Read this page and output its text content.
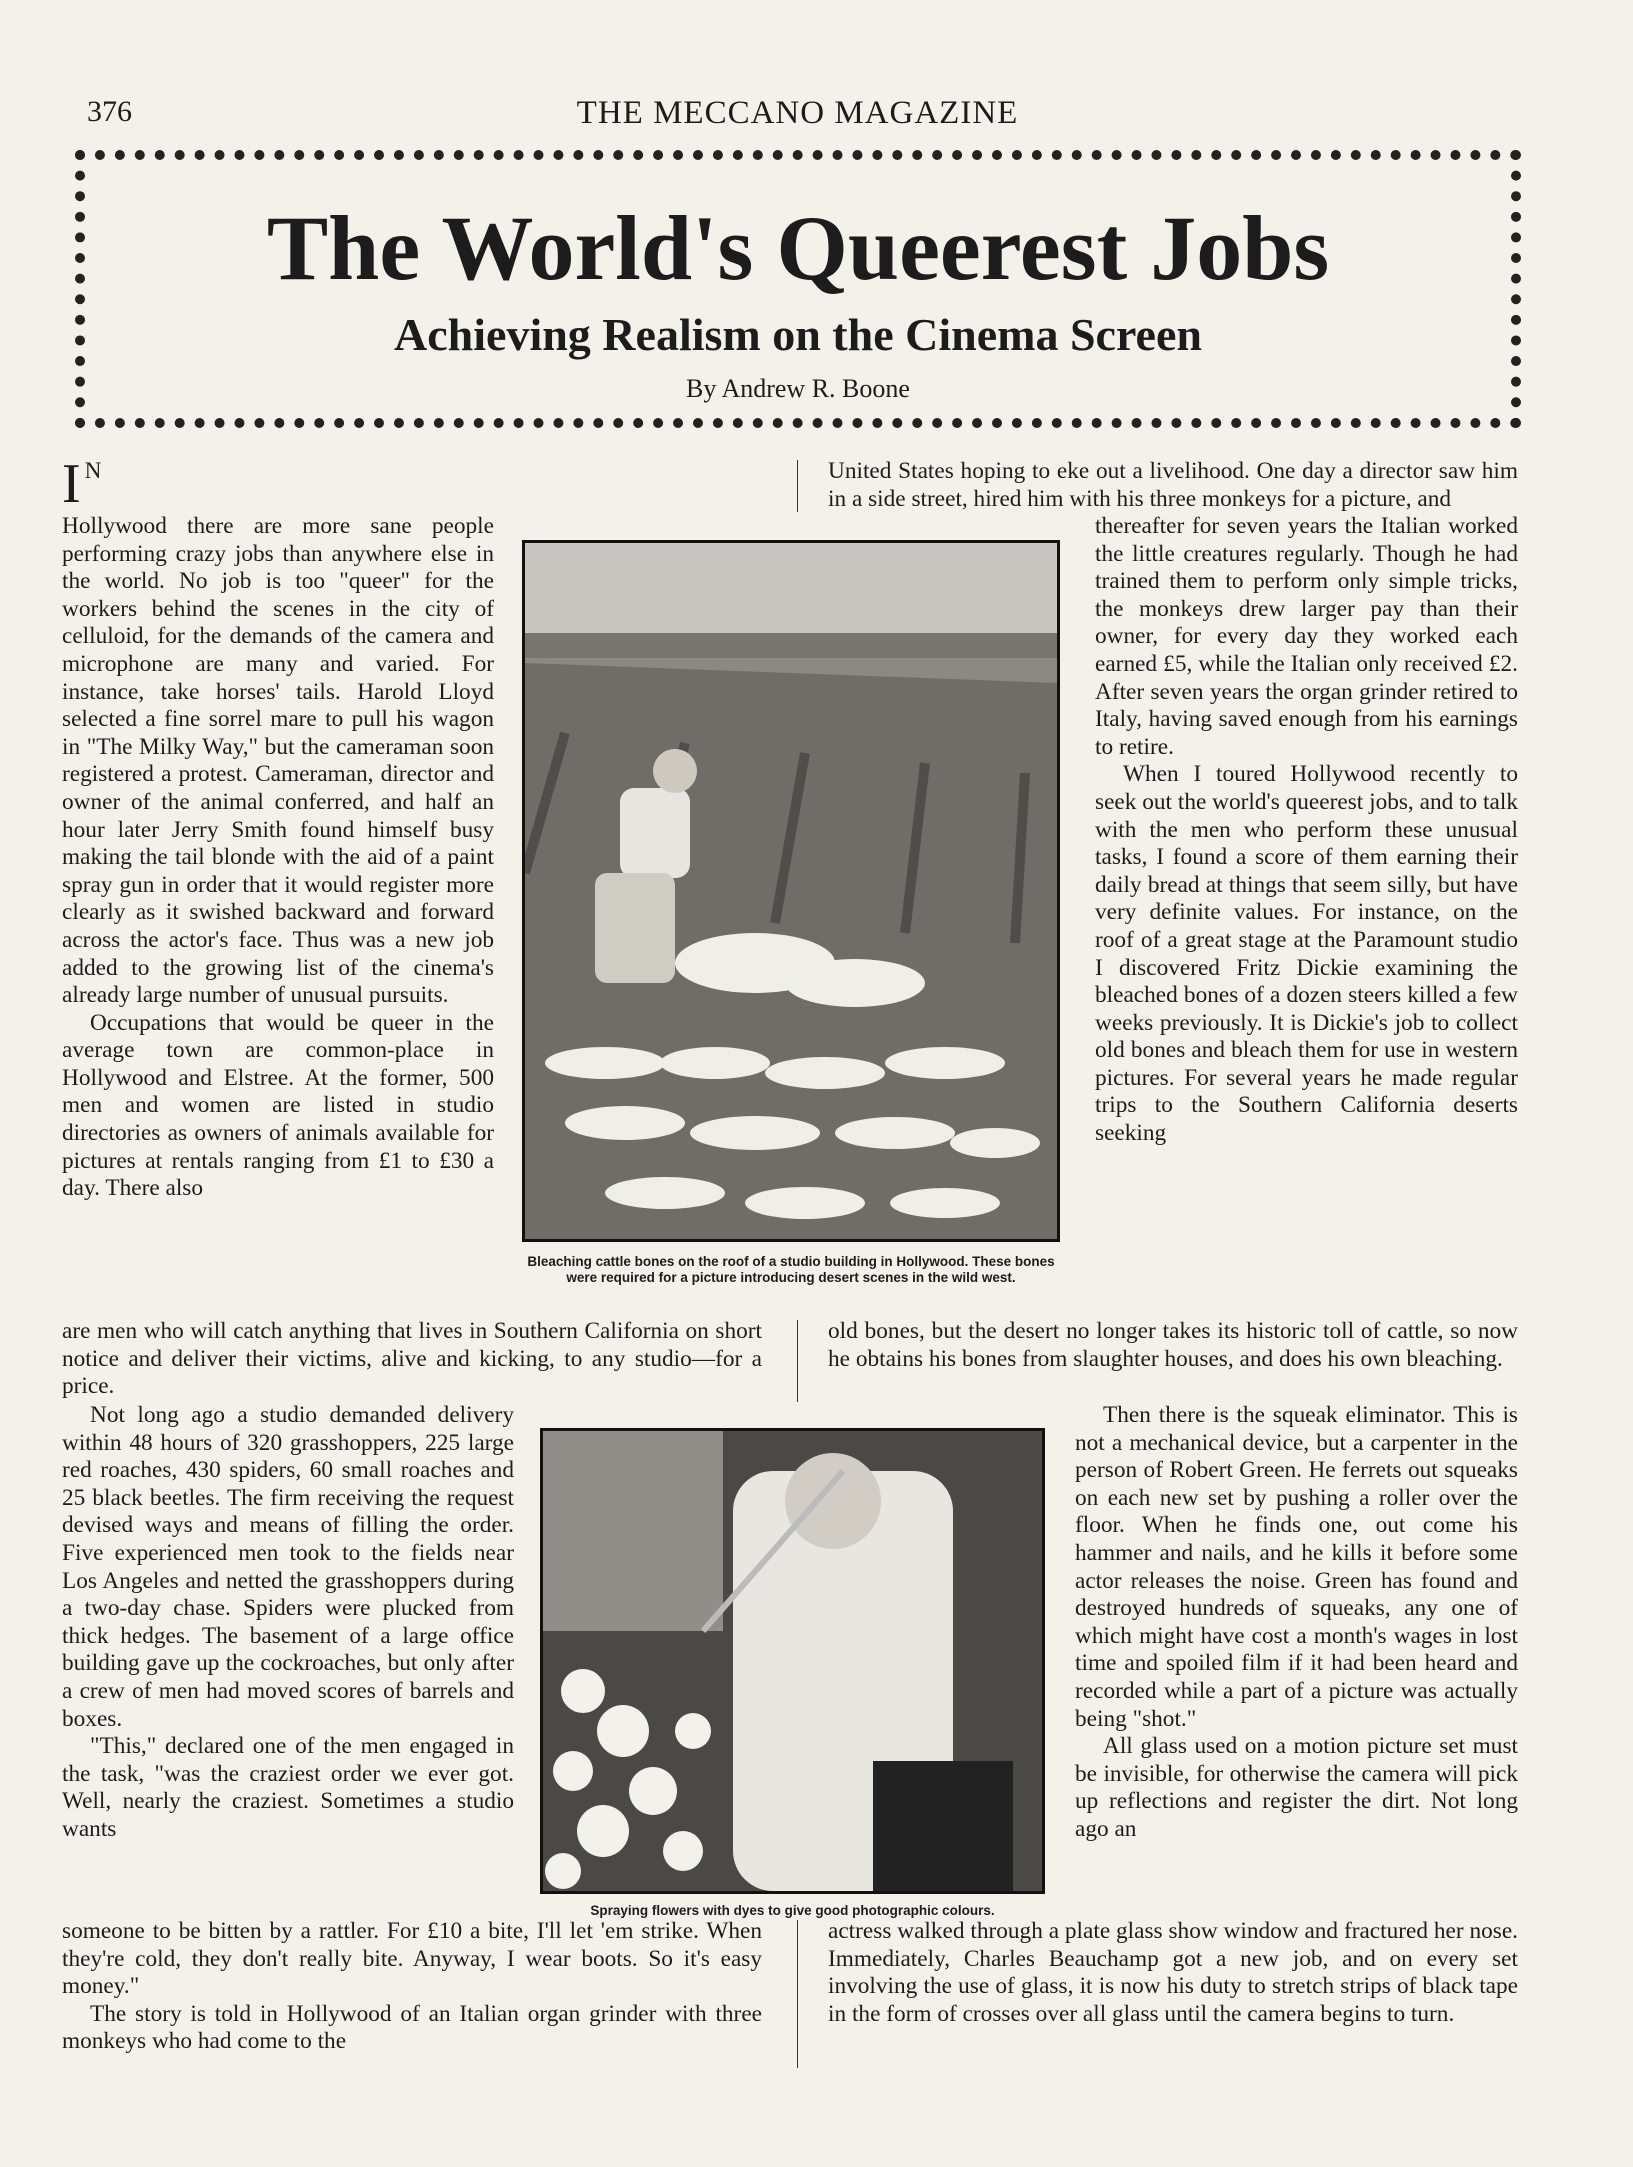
376	THE MECCANO MAGAZINE
The World's Queerest Jobs
Achieving Realism on the Cinema Screen
By Andrew R. Boone

I N

are men who will catch anything that lives in Southern California on short notice and deliver their victims, alive and kicking, to any studio—for a price.

Not long ago a studio demanded delivery within 48 hours of 320 grasshoppers, 225 large red roaches, 430 spiders, 60 small roaches and 25 black beetles. The firm receiving the request devised ways and means of filling the order. Five experienced men took to the fields near Los Angeles and netted the grasshoppers during a two-day chase. Spiders were plucked from thick hedges. The basement of a large office building gave up the cockroaches, but only after a crew of men had moved scores of barrels and boxes.

"This," declared one of the men engaged in the task, "was the craziest order we ever got. Well, nearly the craziest. Sometimes a studio wants

someone to be bitten by a rattler. For £10 a bite, I'll let 'em strike. When they're cold, they don't really bite. Anyway, I wear boots. So it's easy money."

The story is told in Hollywood of an Italian organ grinder with three monkeys who had come to the

United States hoping to eke out a livelihood. One day a director saw him in a side street, hired him with his three monkeys for a picture, and

old bones, but the desert no longer takes its historic toll of cattle, so now he obtains his bones from slaughter houses, and does his own bleaching.

Then there is the squeak eliminator. This is not a mechanical device, but a carpenter in the person of Robert Green. He ferrets out squeaks on each new set by pushing a roller over the floor. When he finds one, out come his hammer and nails, and he kills it before some actor releases the noise. Green has found and destroyed hundreds of squeaks, any one of which might have cost a month's wages in lost time and spoiled film if it had been heard and recorded while a part of a picture was actually being "shot."

All glass used on a motion picture set must be invisible, for otherwise the camera will pick up reflections and register the dirt. Not long ago an

actress walked through a plate glass show window and fractured her nose. Immediately, Charles Beauchamp got a new job, and on every set involving the use of glass, it is now his duty to stretch strips of black tape in the form of crosses over all glass until the camera begins to turn.

Hollywood there are more sane people performing crazy jobs than anywhere else in the world. No job is too "queer" for the workers behind the scenes in the city of celluloid, for the demands of the camera and microphone are many and varied. For instance, take horses' tails. Harold Lloyd selected a fine sorrel mare to pull his wagon in "The Milky Way," but the cameraman soon registered a protest. Cameraman, director and owner of the animal conferred, and half an hour later Jerry Smith found himself busy making the tail blonde with the aid of a paint spray gun in order that it would register more clearly as it swished backward and forward across the actor's face. Thus was a new job added to the growing list of the cinema's already large number of unusual pursuits.

Occupations that would be queer in the average town are common-place in Hollywood and Elstree. At the former, 500 men and women are listed in studio directories as owners of animals available for pictures at rentals ranging from £1 to £30 a day. There also

thereafter for seven years the Italian worked the little creatures regularly. Though he had trained them to perform only simple tricks, the monkeys drew larger pay than their owner, for every day they worked each earned £5, while the Italian only received £2. After seven years the organ grinder retired to Italy, having saved enough from his earnings to retire.

When I toured Hollywood recently to seek out the world's queerest jobs, and to talk with the men who perform these unusual tasks, I found a score of them earning their daily bread at things that seem silly, but have very definite values. For instance, on the roof of a great stage at the Paramount studio I discovered Fritz Dickie examining the bleached bones of a dozen steers killed a few weeks previously. It is Dickie's job to collect old bones and bleach them for use in western pictures. For several years he made regular trips to the Southern California deserts seeking

Bleaching cattle bones on the roof of a studio building in Hollywood. These bones were required for a picture introducing desert scenes in the wild west.
Spraying flowers with dyes to give good photographic colours.
